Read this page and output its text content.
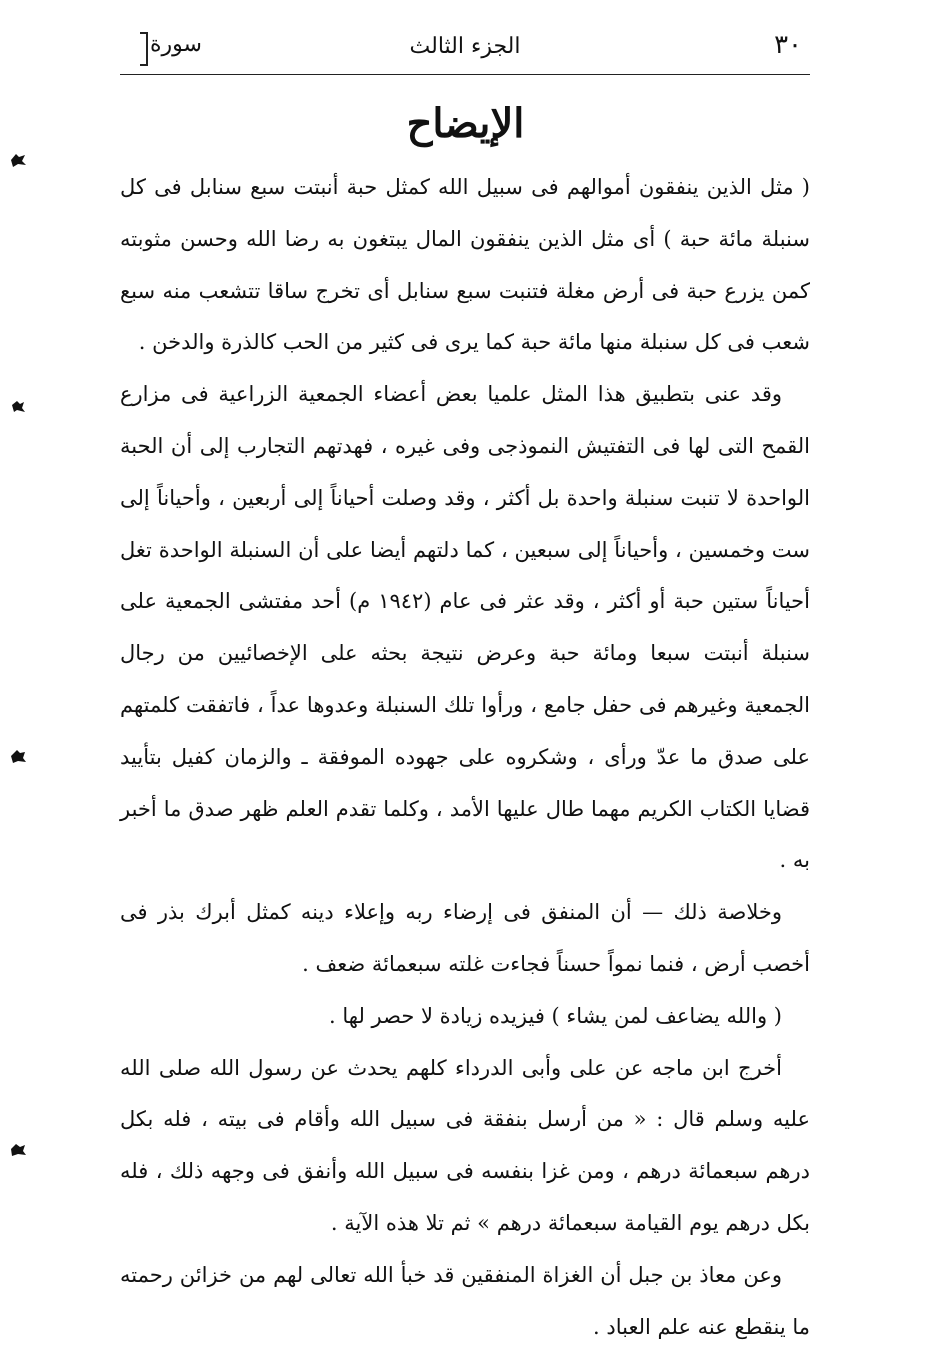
٣٠
الجزء الثالث
سورة
الإيضاح

( مثل الذين ينفقون أموالهم فى سبيل الله كمثل حبة أنبتت سبع سنابل فى كل سنبلة مائة حبة ) أى مثل الذين ينفقون المال يبتغون به رضا الله وحسن مثوبته كمن يزرع حبة فى أرض مغلة فتنبت سبع سنابل أى تخرج ساقا تتشعب منه سبع شعب فى كل سنبلة منها مائة حبة كما يرى فى كثير من الحب كالذرة والدخن .

وقد عنى بتطبيق هذا المثل علميا بعض أعضاء الجمعية الزراعية فى مزارع القمح التى لها فى التفتيش النموذجى وفى غيره ، فهدتهم التجارب إلى أن الحبة الواحدة لا تنبت سنبلة واحدة بل أكثر ، وقد وصلت أحياناً إلى أربعين ، وأحياناً إلى ست وخمسين ، وأحياناً إلى سبعين ، كما دلتهم أيضا على أن السنبلة الواحدة تغل أحياناً ستين حبة أو أكثر ، وقد عثر فى عام (١٩٤٢ م) أحد مفتشى الجمعية على سنبلة أنبتت سبعا ومائة حبة وعرض نتيجة بحثه على الإخصائيين من رجال الجمعية وغيرهم فى حفل جامع ، ورأوا تلك السنبلة وعدوها عداً ، فاتفقت كلمتهم على صدق ما عدّ ورأى ، وشكروه على جهوده الموفقة ـ والزمان كفيل بتأييد قضايا الكتاب الكريم مهما طال عليها الأمد ، وكلما تقدم العلم ظهر صدق ما أخبر به .

وخلاصة ذلك — أن المنفق فى إرضاء ربه وإعلاء دينه كمثل أبرك بذر فى أخصب أرض ، فنما نمواً حسناً فجاءت غلته سبعمائة ضعف .

( والله يضاعف لمن يشاء ) فيزيده زيادة لا حصر لها .

أخرج ابن ماجه عن على وأبى الدرداء كلهم يحدث عن رسول الله صلى الله عليه وسلم قال : « من أرسل بنفقة فى سبيل الله وأقام فى بيته ، فله بكل درهم سبعمائة درهم ، ومن غزا بنفسه فى سبيل الله وأنفق فى وجهه ذلك ، فله بكل درهم يوم القيامة سبعمائة درهم » ثم تلا هذه الآية .

وعن معاذ بن جبل أن الغزاة المنفقين قد خبأ الله تعالى لهم من خزائن رحمته ما ينقطع عنه علم العباد .
